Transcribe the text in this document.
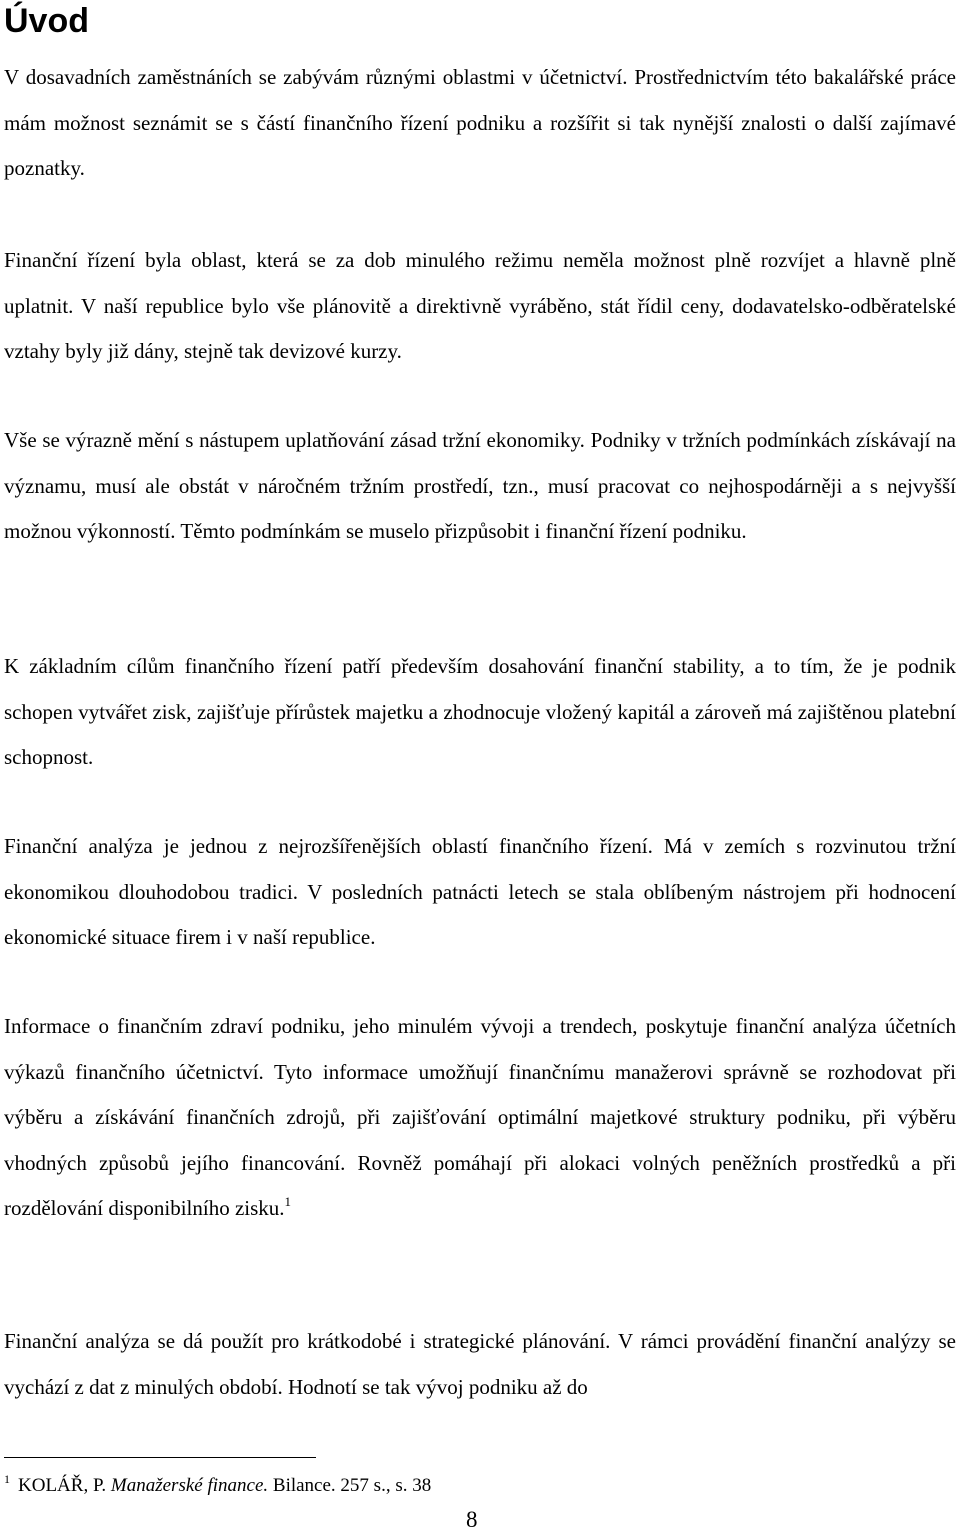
Úvod

V dosavadních zaměstnáních se zabývám různými oblastmi v účetnictví. Prostřednictvím této bakalářské práce mám možnost seznámit se s částí finančního řízení podniku a rozšířit si tak nynější znalosti o další zajímavé poznatky.

Finanční řízení byla oblast, která se za dob minulého režimu neměla možnost plně rozvíjet a hlavně plně uplatnit. V naší republice bylo vše plánovitě a direktivně vyráběno, stát řídil ceny, dodavatelsko-odběratelské vztahy byly již dány, stejně tak devizové kurzy.

Vše se výrazně mění s nástupem uplatňování zásad tržní ekonomiky. Podniky v tržních podmínkách získávají na významu, musí ale obstát v náročném tržním prostředí, tzn., musí pracovat co nejhospodárněji a s nejvyšší možnou výkonností. Těmto podmínkám se muselo přizpůsobit i finanční řízení podniku.

K základním cílům finančního řízení patří především dosahování finanční stability, a to tím, že je podnik schopen vytvářet zisk, zajišťuje přírůstek majetku a zhodnocuje vložený kapitál a zároveň má zajištěnou platební schopnost.

Finanční analýza je jednou z nejrozšířenějších oblastí finančního řízení. Má v zemích s rozvinutou tržní ekonomikou dlouhodobou tradici. V posledních patnácti letech se stala oblíbeným nástrojem při hodnocení ekonomické situace firem i v naší republice.

Informace o finančním zdraví podniku, jeho minulém vývoji a trendech, poskytuje finanční analýza účetních výkazů finančního účetnictví. Tyto informace umožňují finančnímu manažerovi správně se rozhodovat při výběru a získávání finančních zdrojů, při zajišťování optimální majetkové struktury podniku, při výběru vhodných způsobů jejího financování. Rovněž pomáhají při alokaci volných peněžních prostředků a při rozdělování disponibilního zisku.$^1$

Finanční analýza se dá použít pro krátkodobé i strategické plánování. V rámci provádění finanční analýzy se vychází z dat z minulých období. Hodnotí se tak vývoj podniku až do

$^1$ KOLÁŘ, P. Manažerské finance. Bilance. 257 s., s. 38

8
